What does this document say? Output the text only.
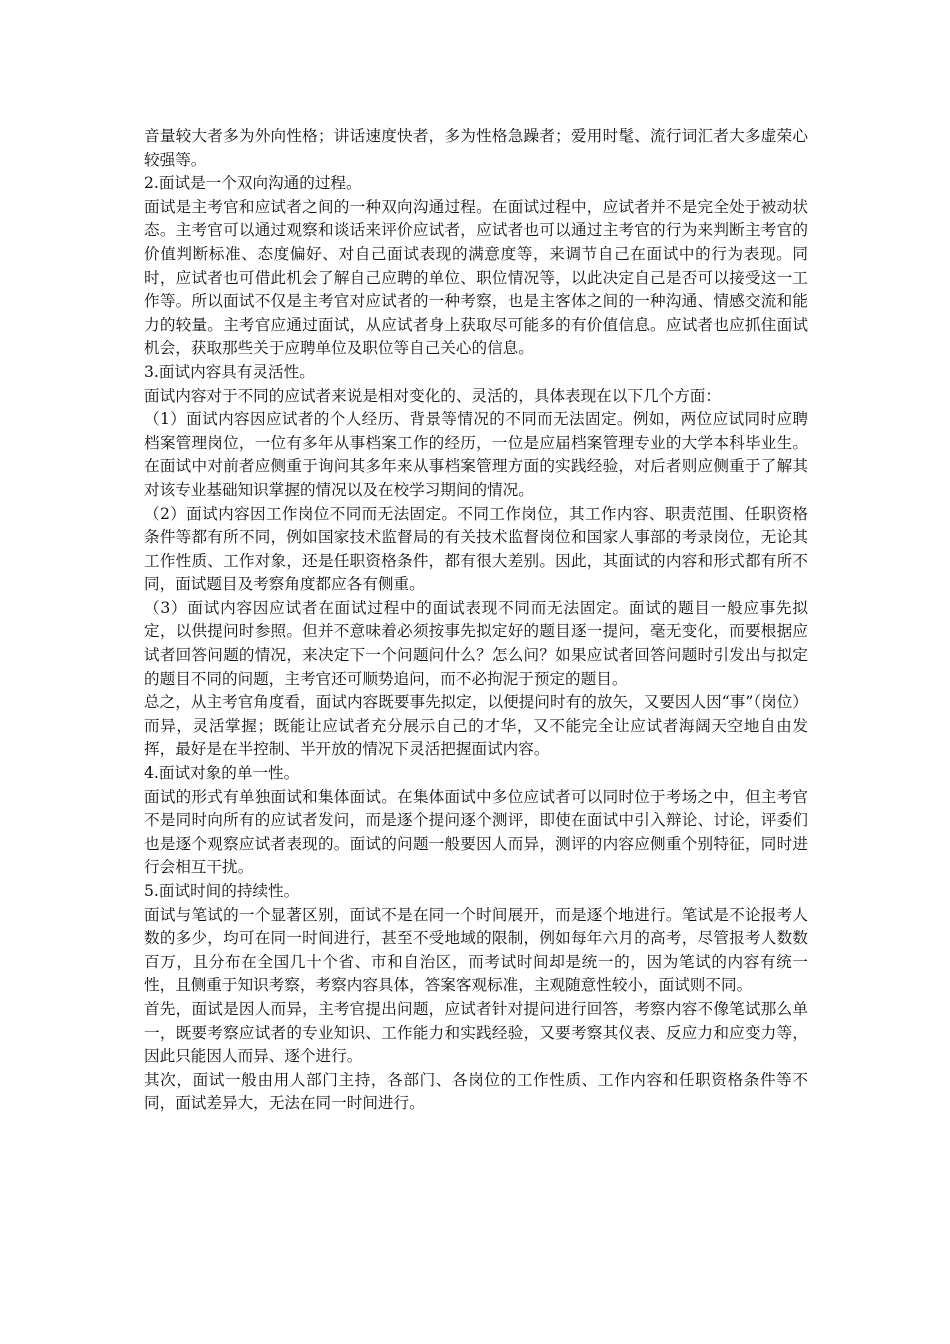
音量较大者多为外向性格；讲话速度快者，多为性格急躁者；爱用时髦、流行词汇者大多虚荣心较强等。

2.面试是一个双向沟通的过程。

面试是主考官和应试者之间的一种双向沟通过程。在面试过程中，应试者并不是完全处于被动状态。主考官可以通过观察和谈话来评价应试者，应试者也可以通过主考官的行为来判断主考官的价值判断标准、态度偏好、对自己面试表现的满意度等，来调节自己在面试中的行为表现。同时，应试者也可借此机会了解自己应聘的单位、职位情况等，以此决定自己是否可以接受这一工作等。所以面试不仅是主考官对应试者的一种考察，也是主客体之间的一种沟通、情感交流和能力的较量。主考官应通过面试，从应试者身上获取尽可能多的有价值信息。应试者也应抓住面试机会，获取那些关于应聘单位及职位等自己关心的信息。

3.面试内容具有灵活性。

面试内容对于不同的应试者来说是相对变化的、灵活的，具体表现在以下几个方面：

（1）面试内容因应试者的个人经历、背景等情况的不同而无法固定。例如，两位应试同时应聘档案管理岗位，一位有多年从事档案工作的经历，一位是应届档案管理专业的大学本科毕业生。在面试中对前者应侧重于询问其多年来从事档案管理方面的实践经验，对后者则应侧重于了解其对该专业基础知识掌握的情况以及在校学习期间的情况。

（2）面试内容因工作岗位不同而无法固定。不同工作岗位，其工作内容、职责范围、任职资格条件等都有所不同，例如国家技术监督局的有关技术监督岗位和国家人事部的考录岗位，无论其工作性质、工作对象，还是任职资格条件，都有很大差别。因此，其面试的内容和形式都有所不同，面试题目及考察角度都应各有侧重。

（3）面试内容因应试者在面试过程中的面试表现不同而无法固定。面试的题目一般应事先拟定，以供提问时参照。但并不意味着必须按事先拟定好的题目逐一提问，毫无变化，而要根据应试者回答问题的情况，来决定下一个问题问什么？怎么问？如果应试者回答问题时引发出与拟定的题目不同的问题，主考官还可顺势追问，而不必拘泥于预定的题目。

总之，从主考官角度看，面试内容既要事先拟定，以便提问时有的放矢，又要因人因“事”（岗位）而异，灵活掌握；既能让应试者充分展示自己的才华，又不能完全让应试者海阔天空地自由发挥，最好是在半控制、半开放的情况下灵活把握面试内容。

4.面试对象的单一性。

面试的形式有单独面试和集体面试。在集体面试中多位应试者可以同时位于考场之中，但主考官不是同时向所有的应试者发问，而是逐个提问逐个测评，即使在面试中引入辩论、讨论，评委们也是逐个观察应试者表现的。面试的问题一般要因人而异，测评的内容应侧重个别特征，同时进行会相互干扰。

5.面试时间的持续性。

面试与笔试的一个显著区别，面试不是在同一个时间展开，而是逐个地进行。笔试是不论报考人数的多少，均可在同一时间进行，甚至不受地域的限制，例如每年六月的高考，尽管报考人数数百万，且分布在全国几十个省、市和自治区，而考试时间却是统一的，因为笔试的内容有统一性，且侧重于知识考察，考察内容具体，答案客观标准，主观随意性较小，面试则不同。

首先，面试是因人而异，主考官提出问题，应试者针对提问进行回答，考察内容不像笔试那么单一，既要考察应试者的专业知识、工作能力和实践经验，又要考察其仪表、反应力和应变力等，因此只能因人而异、逐个进行。

其次，面试一般由用人部门主持，各部门、各岗位的工作性质、工作内容和任职资格条件等不同，面试差异大，无法在同一时间进行。
